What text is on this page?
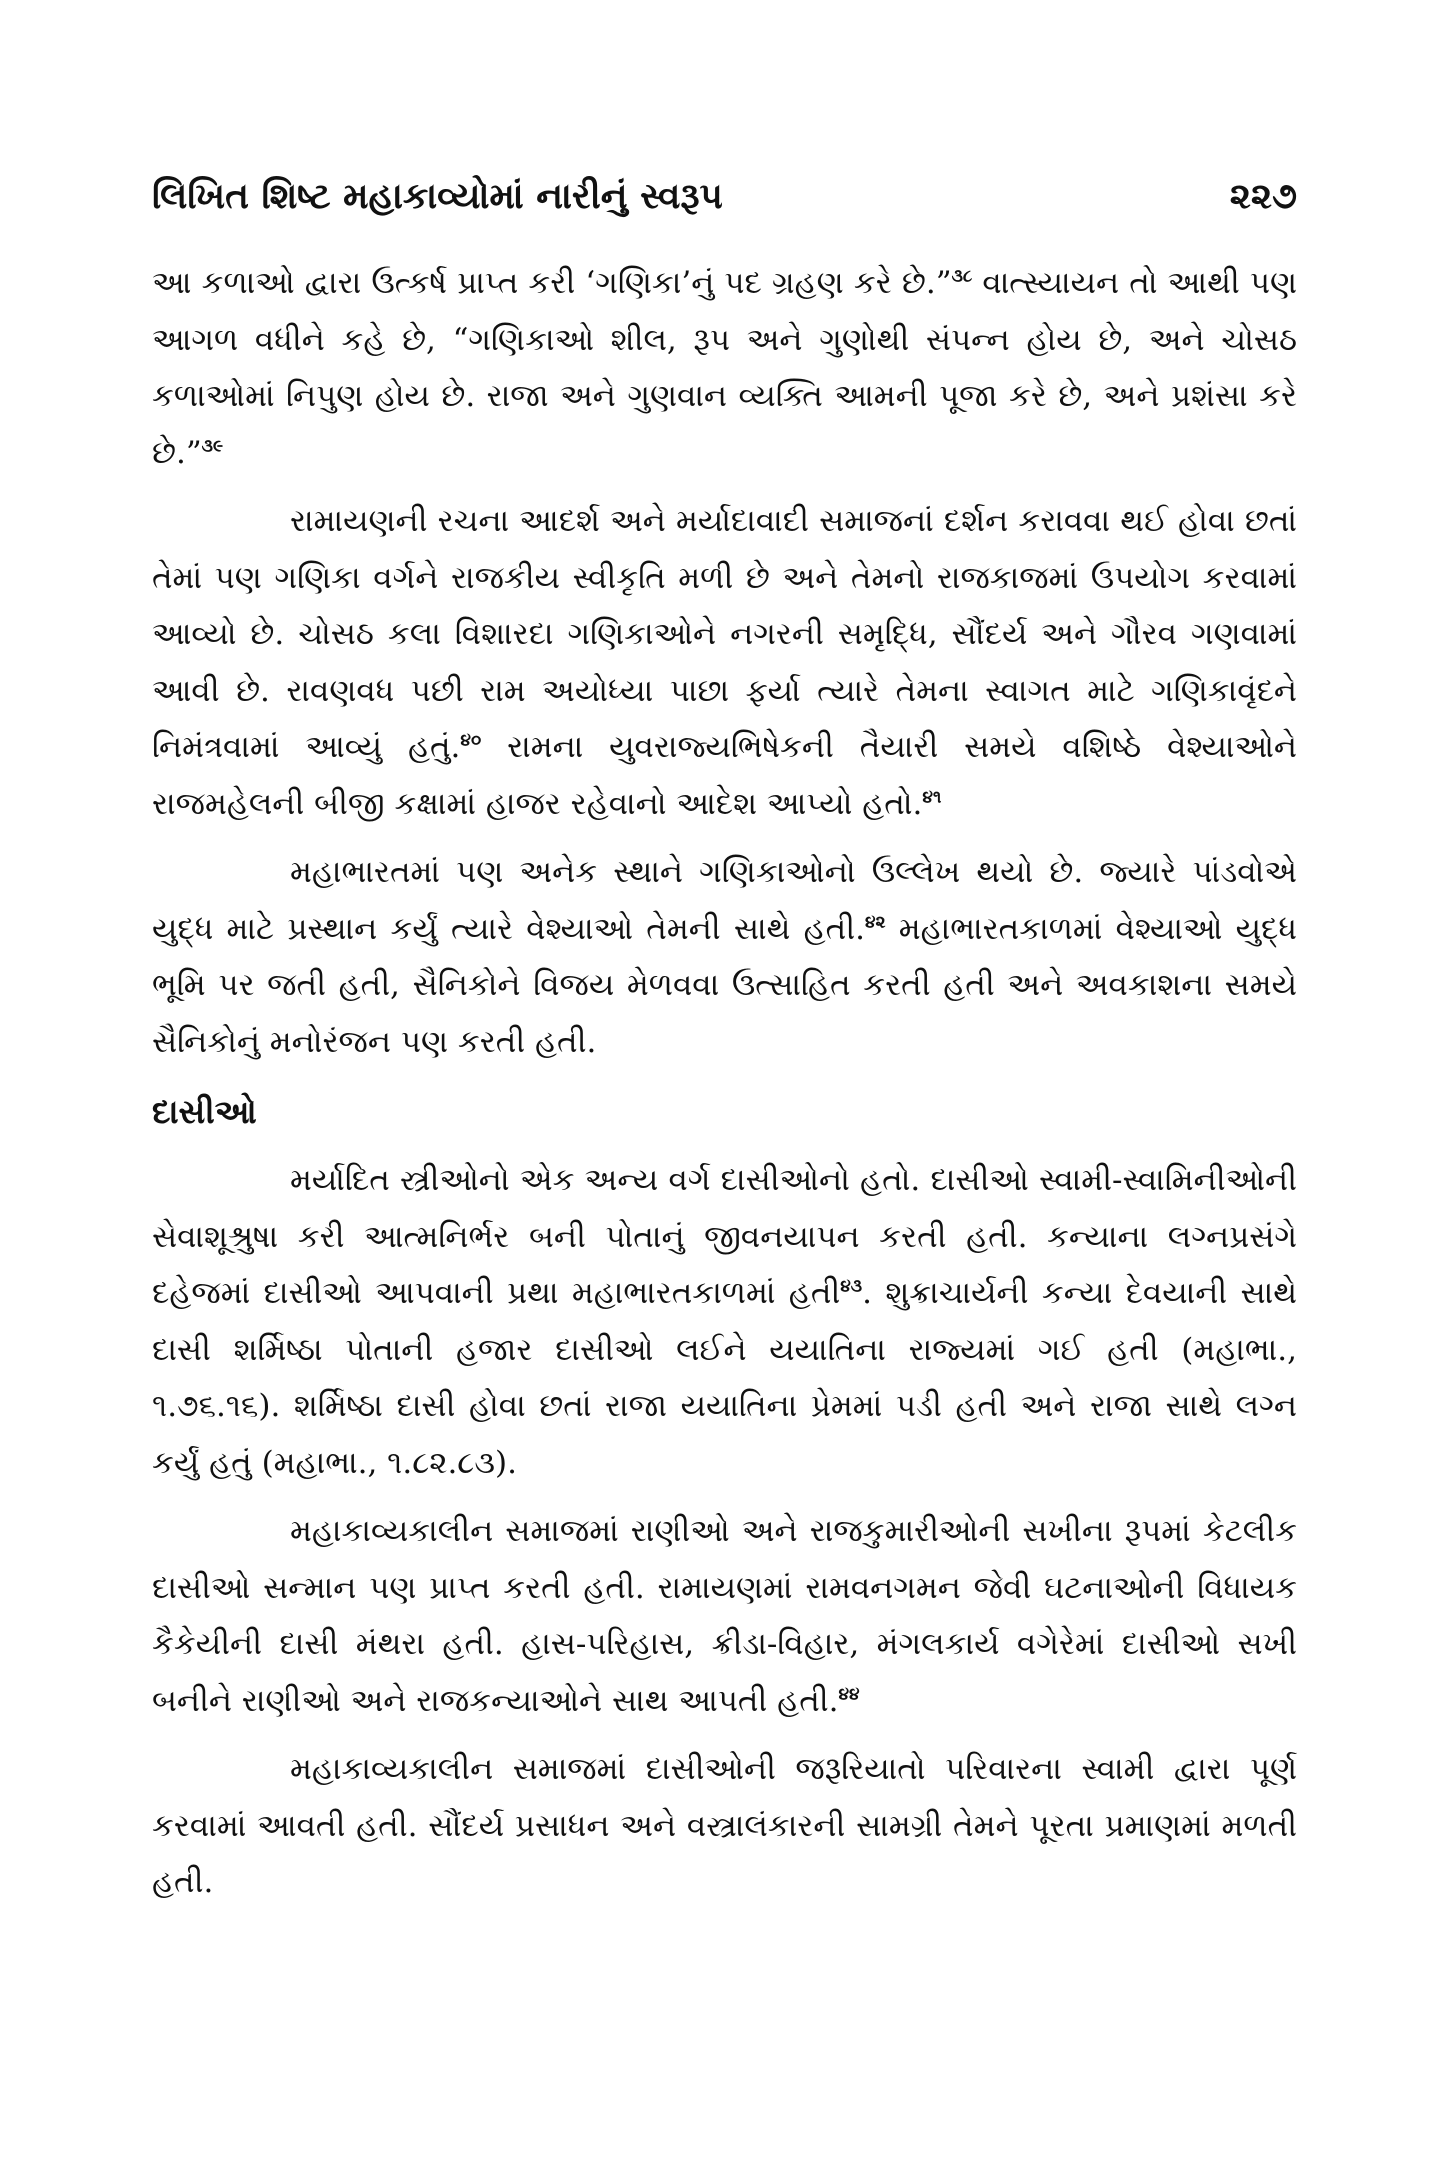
લિખિત શિષ્ટ મહાકાવ્યોમાં નારીનું સ્વરૂપ	૨૨૭

આ કળાઓ દ્વારા ઉત્કર્ષ પ્રાપ્ત કરી ‘ગણિકા’નું પદ ગ્રહણ કરે છે.”$^{૩૮}$ વાત્સ્યાયન તો આથી પણ આગળ વધીને કહે છે, “ગણિકાઓ શીલ, રૂપ અને ગુણોથી સંપન્ન હોય છે, અને ચોસઠ કળાઓમાં નિપુણ હોય છે. રાજા અને ગુણવાન વ્યક્તિ આમની પૂજા કરે છે, અને પ્રશંસા કરે છે.”$^{૩૯}$

રામાયણની રચના આદર્શ અને મર્યાદાવાદી સમાજનાં દર્શન કરાવવા થઈ હોવા છતાં તેમાં પણ ગણિકા વર્ગને રાજકીય સ્વીકૃતિ મળી છે અને તેમનો રાજકાજમાં ઉપયોગ કરવામાં આવ્યો છે. ચોસઠ કલા વિશારદા ગણિકાઓને નગરની સમૃદ્ધિ, સૌંદર્ય અને ગૌરવ ગણવામાં આવી છે. રાવણવધ પછી રામ અયોધ્યા પાછા ફર્યા ત્યારે તેમના સ્વાગત માટે ગણિકાવૃંદને નિમંત્રવામાં આવ્યું હતું.$^{૪૦}$ રામના યુવરાજ્યભિષેકની તૈયારી સમયે વશિષ્ઠે વેશ્યાઓને રાજમહેલની બીજી કક્ષામાં હાજર રહેવાનો આદેશ આપ્યો હતો.$^{૪૧}$

મહાભારતમાં પણ અનેક સ્થાને ગણિકાઓનો ઉલ્લેખ થયો છે. જ્યારે પાંડવોએ યુદ્ધ માટે પ્રસ્થાન કર્યું ત્યારે વેશ્યાઓ તેમની સાથે હતી.$^{૪૨}$ મહાભારતકાળમાં વેશ્યાઓ યુદ્ધ ભૂમિ પર જતી હતી, સૈનિકોને વિજય મેળવવા ઉત્સાહિત કરતી હતી અને અવકાશના સમયે સૈનિકોનું મનોરંજન પણ કરતી હતી.

દાસીઓ

મર્યાદિત સ્ત્રીઓનો એક અન્ય વર્ગ દાસીઓનો હતો. દાસીઓ સ્વામી-સ્વામિનીઓની સેવાશૂશ્રુષા કરી આત્મનિર્ભર બની પોતાનું જીવનયાપન કરતી હતી. કન્યાના લગ્નપ્રસંગે દહેજમાં દાસીઓ આપવાની પ્રથા મહાભારતકાળમાં હતી$^{૪૩}$. શુક્રાચાર્યની કન્યા દેવયાની સાથે દાસી શર્મિષ્ઠા પોતાની હજાર દાસીઓ લઈને યયાતિના રાજ્યમાં ગઈ હતી (મહાભા., ૧.૭૬.૧૬). શર્મિષ્ઠા દાસી હોવા છતાં રાજા યયાતિના પ્રેમમાં પડી હતી અને રાજા સાથે લગ્ન કર્યું હતું (મહાભા., ૧.૮૨.૮૩).

મહાકાવ્યકાલીન સમાજમાં રાણીઓ અને રાજકુમારીઓની સખીના રૂપમાં કેટલીક દાસીઓ સન્માન પણ પ્રાપ્ત કરતી હતી. રામાયણમાં રામવનગમન જેવી ઘટનાઓની વિધાયક કૈકેયીની દાસી મંથરા હતી. હાસ-પરિહાસ, ક્રીડા-વિહાર, મંગલકાર્ય વગેરેમાં દાસીઓ સખી બનીને રાણીઓ અને રાજકન્યાઓને સાથ આપતી હતી.$^{૪૪}$

મહાકાવ્યકાલીન સમાજમાં દાસીઓની જરૂરિયાતો પરિવારના સ્વામી દ્વારા પૂર્ણ કરવામાં આવતી હતી. સૌંદર્ય પ્રસાધન અને વસ્ત્રાલંકારની સામગ્રી તેમને પૂરતા પ્રમાણમાં મળતી હતી.
